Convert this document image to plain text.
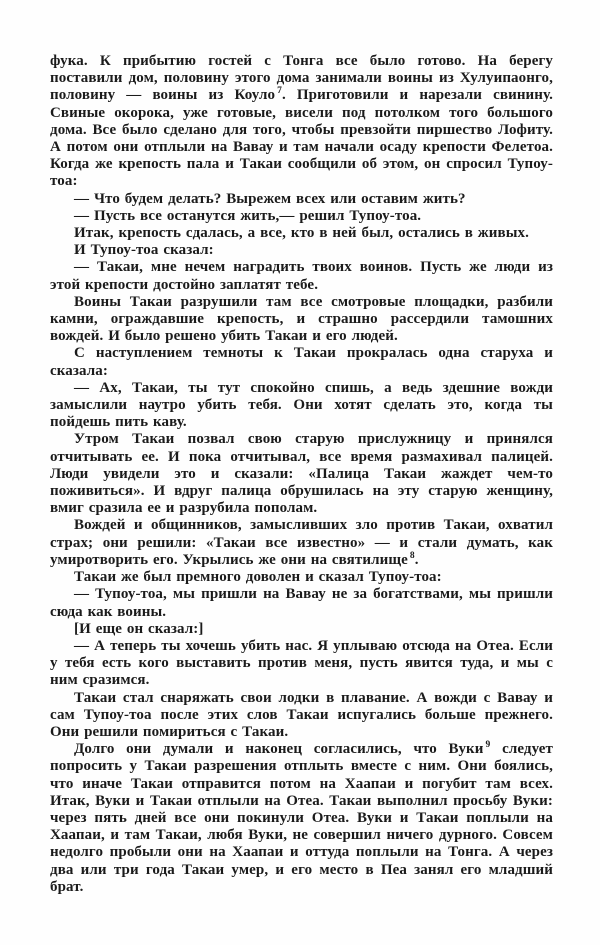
фука. К прибытию гостей с Тонга все было готово. На берегу поставили дом, половину этого дома занимали воины из Хулуипаонго, половину — воины из Коуло $^7$. Приготовили и нарезали свинину. Свиные окорока, уже готовые, висели под потолком того большого дома. Все было сделано для того, чтобы превзойти пиршество Лофиту. А потом они отплыли на Вавау и там начали осаду крепости Фелетоа. Когда же крепость пала и Такаи сообщили об этом, он спросил Тупоу-тоа:

— Что будем делать? Вырежем всех или оставим жить?

— Пусть все останутся жить,— решил Тупоу-тоа.

Итак, крепость сдалась, а все, кто в ней был, остались в живых.

И Тупоу-тоа сказал:

— Такаи, мне нечем наградить твоих воинов. Пусть же люди из этой крепости достойно заплатят тебе.

Воины Такаи разрушили там все смотровые площадки, разбили камни, ограждавшие крепость, и страшно рассердили тамошних вождей. И было решено убить Такаи и его людей.

С наступлением темноты к Такаи прокралась одна старуха и сказала:

— Ах, Такаи, ты тут спокойно спишь, а ведь здешние вожди замыслили наутро убить тебя. Они хотят сделать это, когда ты пойдешь пить каву.

Утром Такаи позвал свою старую прислужницу и принялся отчитывать ее. И пока отчитывал, все время размахивал палицей. Люди увидели это и сказали: «Палица Такаи жаждет чем-то поживиться». И вдруг палица обрушилась на эту старую женщину, вмиг сразила ее и разрубила пополам.

Вождей и общинников, замысливших зло против Такаи, охватил страх; они решили: «Такаи все известно» — и стали думать, как умиротворить его. Укрылись же они на святилище $^8$.

Такаи же был премного доволен и сказал Тупоу-тоа:

— Тупоу-тоа, мы пришли на Вавау не за богатствами, мы пришли сюда как воины.

[И еще он сказал:]

— А теперь ты хочешь убить нас. Я уплываю отсюда на Отеа. Если у тебя есть кого выставить против меня, пусть явится туда, и мы с ним сразимся.

Такаи стал снаряжать свои лодки в плавание. А вожди с Вавау и сам Тупоу-тоа после этих слов Такаи испугались больше прежнего. Они решили помириться с Такаи.

Долго они думали и наконец согласились, что Вуки $^9$ следует попросить у Такаи разрешения отплыть вместе с ним. Они боялись, что иначе Такаи отправится потом на Хаапаи и погубит там всех. Итак, Вуки и Такаи отплыли на Отеа. Такаи выполнил просьбу Вуки: через пять дней все они покинули Отеа. Вуки и Такаи поплыли на Хаапаи, и там Такаи, любя Вуки, не совершил ничего дурного. Совсем недолго пробыли они на Хаапаи и оттуда поплыли на Тонга. А через два или три года Такаи умер, и его место в Пеа занял его младший брат.
